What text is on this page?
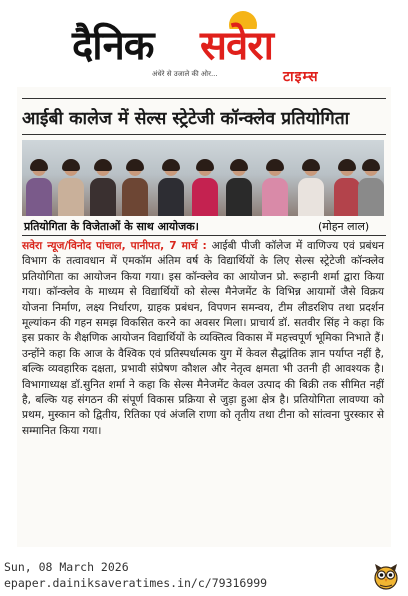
दैनिक सवेरा
अंधेरे से उजाले की ओर...	टाइम्स
आईबी कालेज में सेल्स स्ट्रेटेजी कॉन्क्लेव प्रतियोगिता
प्रतियोगिता के विजेताओं के साथ आयोजक।	(मोहन लाल)
सवेरा न्यूज/विनोद पांचाल, पानीपत, 7 मार्च : आईबी पीजी कॉलेज में वाणिज्य एवं प्रबंधन विभाग के तत्वावधान में एमकॉम अंतिम वर्ष के विद्यार्थियों के लिए सेल्स स्ट्रेटेजी कॉन्क्लेव प्रतियोगिता का आयोजन किया गया। इस कॉन्क्लेव का आयोजन प्रो. रूहानी शर्मा द्वारा किया गया। कॉन्क्लेव के माध्यम से विद्यार्थियों को सेल्स मैनेजमेंट के विभिन्न आयामों जैसे विक्रय योजना निर्माण, लक्ष्य निर्धारण, ग्राहक प्रबंधन, विपणन समन्वय, टीम लीडरशिप तथा प्रदर्शन मूल्यांकन की गहन समझ विकसित करने का अवसर मिला। प्राचार्य डॉ. सतवीर सिंह ने कहा कि इस प्रकार के शैक्षणिक आयोजन विद्यार्थियों के व्यक्तित्व विकास में महत्त्वपूर्ण भूमिका निभाते हैं। उन्होंने कहा कि आज के वैश्विक एवं प्रतिस्पर्धात्मक युग में केवल सैद्धांतिक ज्ञान पर्याप्त नहीं है, बल्कि व्यवहारिक दक्षता, प्रभावी संप्रेषण कौशल और नेतृत्व क्षमता भी उतनी ही आवश्यक है। विभागाध्यक्ष डॉ.सुनित शर्मा ने कहा कि सेल्स मैनेजमेंट केवल उत्पाद की बिक्री तक सीमित नहीं है, बल्कि यह संगठन की संपूर्ण विकास प्रक्रिया से जुड़ा हुआ क्षेत्र है। प्रतियोगिता लावण्या को प्रथम, मुस्कान को द्वितीय, रितिका एवं अंजलि राणा को तृतीय तथा टीना को सांत्वना पुरस्कार से सम्मानित किया गया।
Sun, 08 March 2026
epaper.dainiksaveratimes.in/c/79316999
